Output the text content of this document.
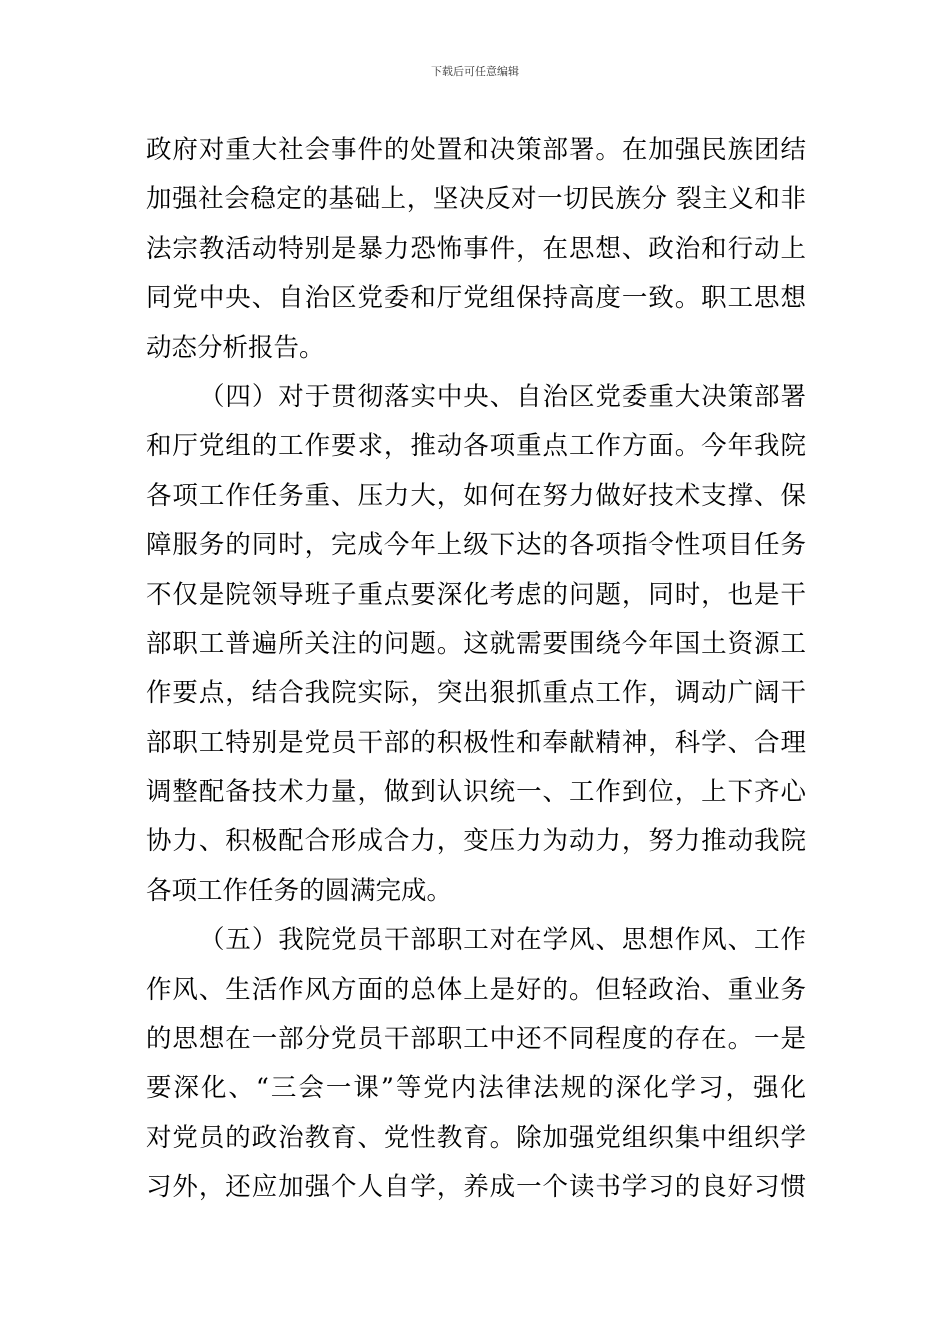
下载后可任意编辑
政府对重大社会事件的处置和决策部署。在加强民族团结
加强社会稳定的基础上，坚决反对一切民族分 裂主义和非
法宗教活动特别是暴力恐怖事件，在思想、政治和行动上
同党中央、自治区党委和厅党组保持高度一致。职工思想
动态分析报告。
（四）对于贯彻落实中央、自治区党委重大决策部署
和厅党组的工作要求，推动各项重点工作方面。今年我院
各项工作任务重、压力大，如何在努力做好技术支撑、保
障服务的同时，完成今年上级下达的各项指令性项目任务
不仅是院领导班子重点要深化考虑的问题，同时，也是干
部职工普遍所关注的问题。这就需要围绕今年国土资源工
作要点，结合我院实际，突出狠抓重点工作，调动广阔干
部职工特别是党员干部的积极性和奉献精神，科学、合理
调整配备技术力量，做到认识统一、工作到位，上下齐心
协力、积极配合形成合力，变压力为动力，努力推动我院
各项工作任务的圆满完成。
（五）我院党员干部职工对在学风、思想作风、工作
作风、生活作风方面的总体上是好的。但轻政治、重业务
的思想在一部分党员干部职工中还不同程度的存在。一是
要深化、“三会一课”等党内法律法规的深化学习，强化
对党员的政治教育、党性教育。除加强党组织集中组织学
习外，还应加强个人自学，养成一个读书学习的良好习惯
